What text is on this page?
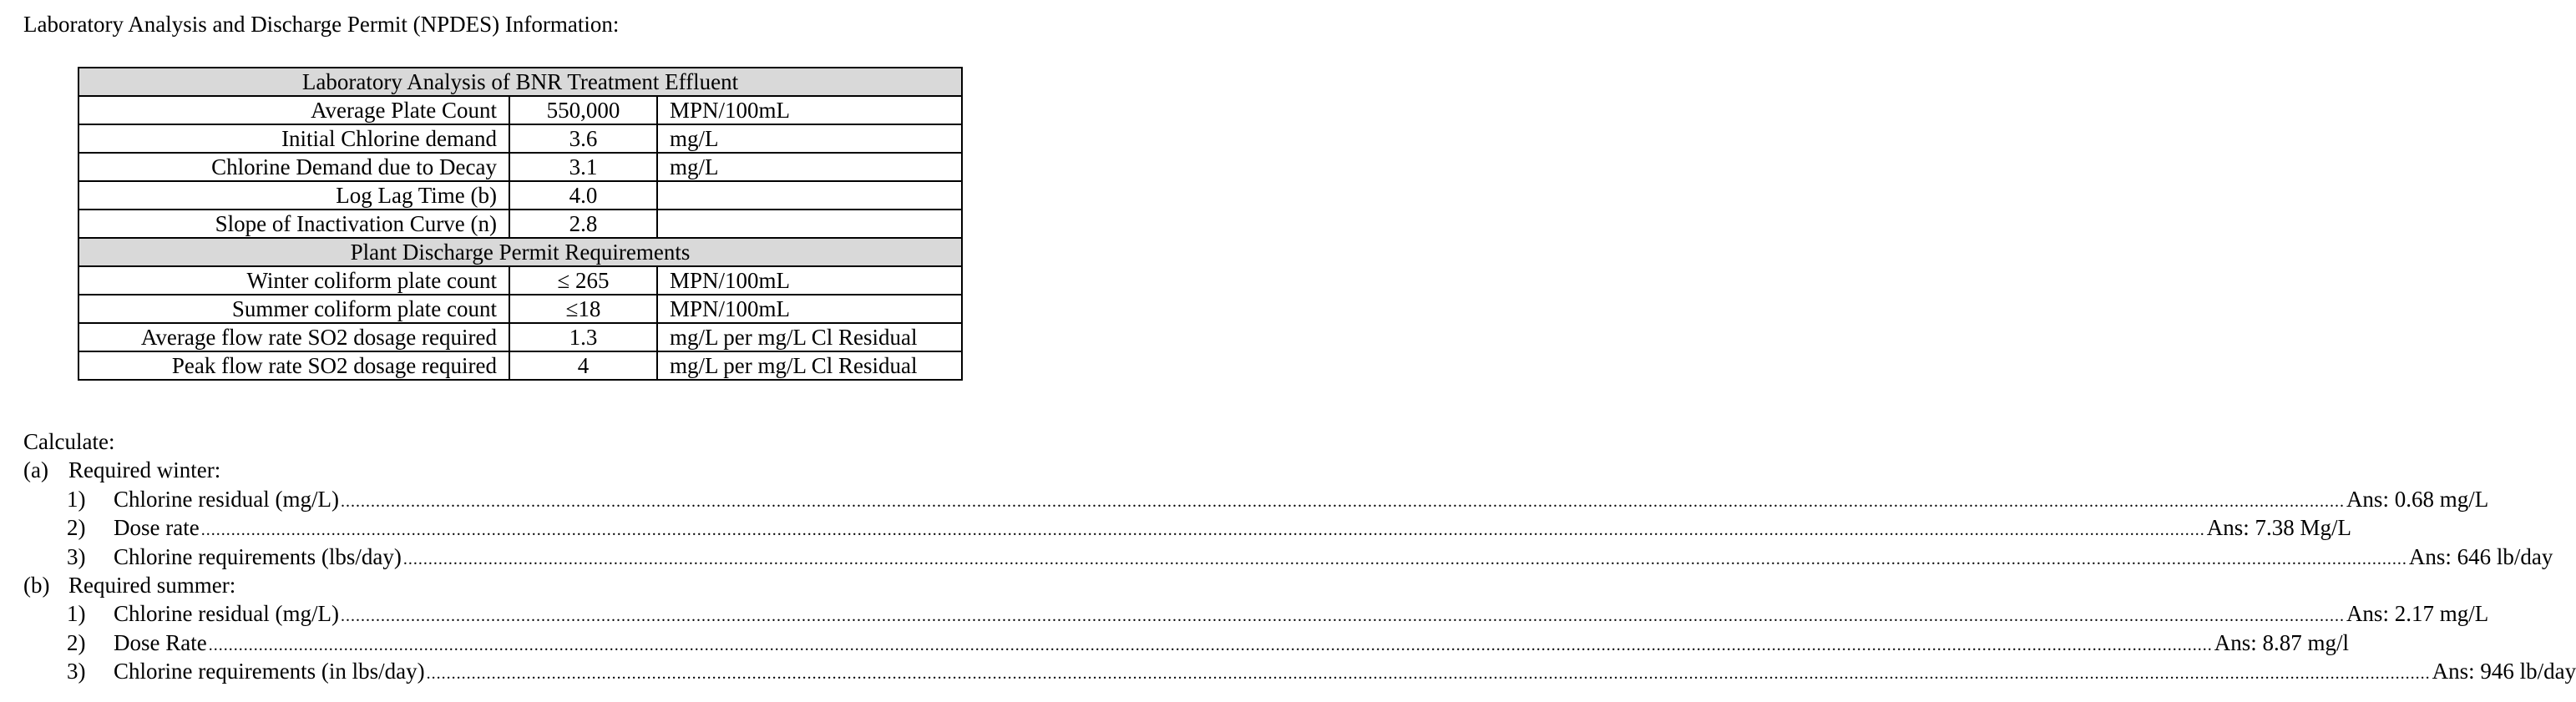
Laboratory Analysis and Discharge Permit (NPDES) Information:
Laboratory Analysis of BNR Treatment Effluent		
Average Plate Count	550,000	MPN/100mL
Initial Chlorine demand	3.6	mg/L
Chlorine Demand due to Decay	3.1	mg/L
Log Lag Time (b)	4.0	
Slope of Inactivation Curve (n)	2.8	
Plant Discharge Permit Requirements		
Winter coliform plate count	≤ 265	MPN/100mL
Summer coliform plate count	≤18	MPN/100mL
Average flow rate SO2 dosage required	1.3	mg/L per mg/L Cl Residual
Peak flow rate SO2 dosage required	4	mg/L per mg/L Cl Residual
Calculate:
(a) Required winter:
1)	Chlorine residual (mg/L) ................................................................................................................................................................................................................................................................................................................................................................................................................ Ans: 0.68 mg/L
2)	Dose rate ................................................................................................................................................................................................................................................................................................................................................................................................................ Ans: 7.38 Mg/L
3)	Chlorine requirements (lbs/day) ................................................................................................................................................................................................................................................................................................................................................................................................................ Ans: 646 lb/day
(b) Required summer:
1)	Chlorine residual (mg/L) ................................................................................................................................................................................................................................................................................................................................................................................................................ Ans: 2.17 mg/L
2)	Dose Rate ................................................................................................................................................................................................................................................................................................................................................................................................................ Ans: 8.87 mg/l
3)	Chlorine requirements (in lbs/day) ................................................................................................................................................................................................................................................................................................................................................................................................................ Ans: 946 lb/day
